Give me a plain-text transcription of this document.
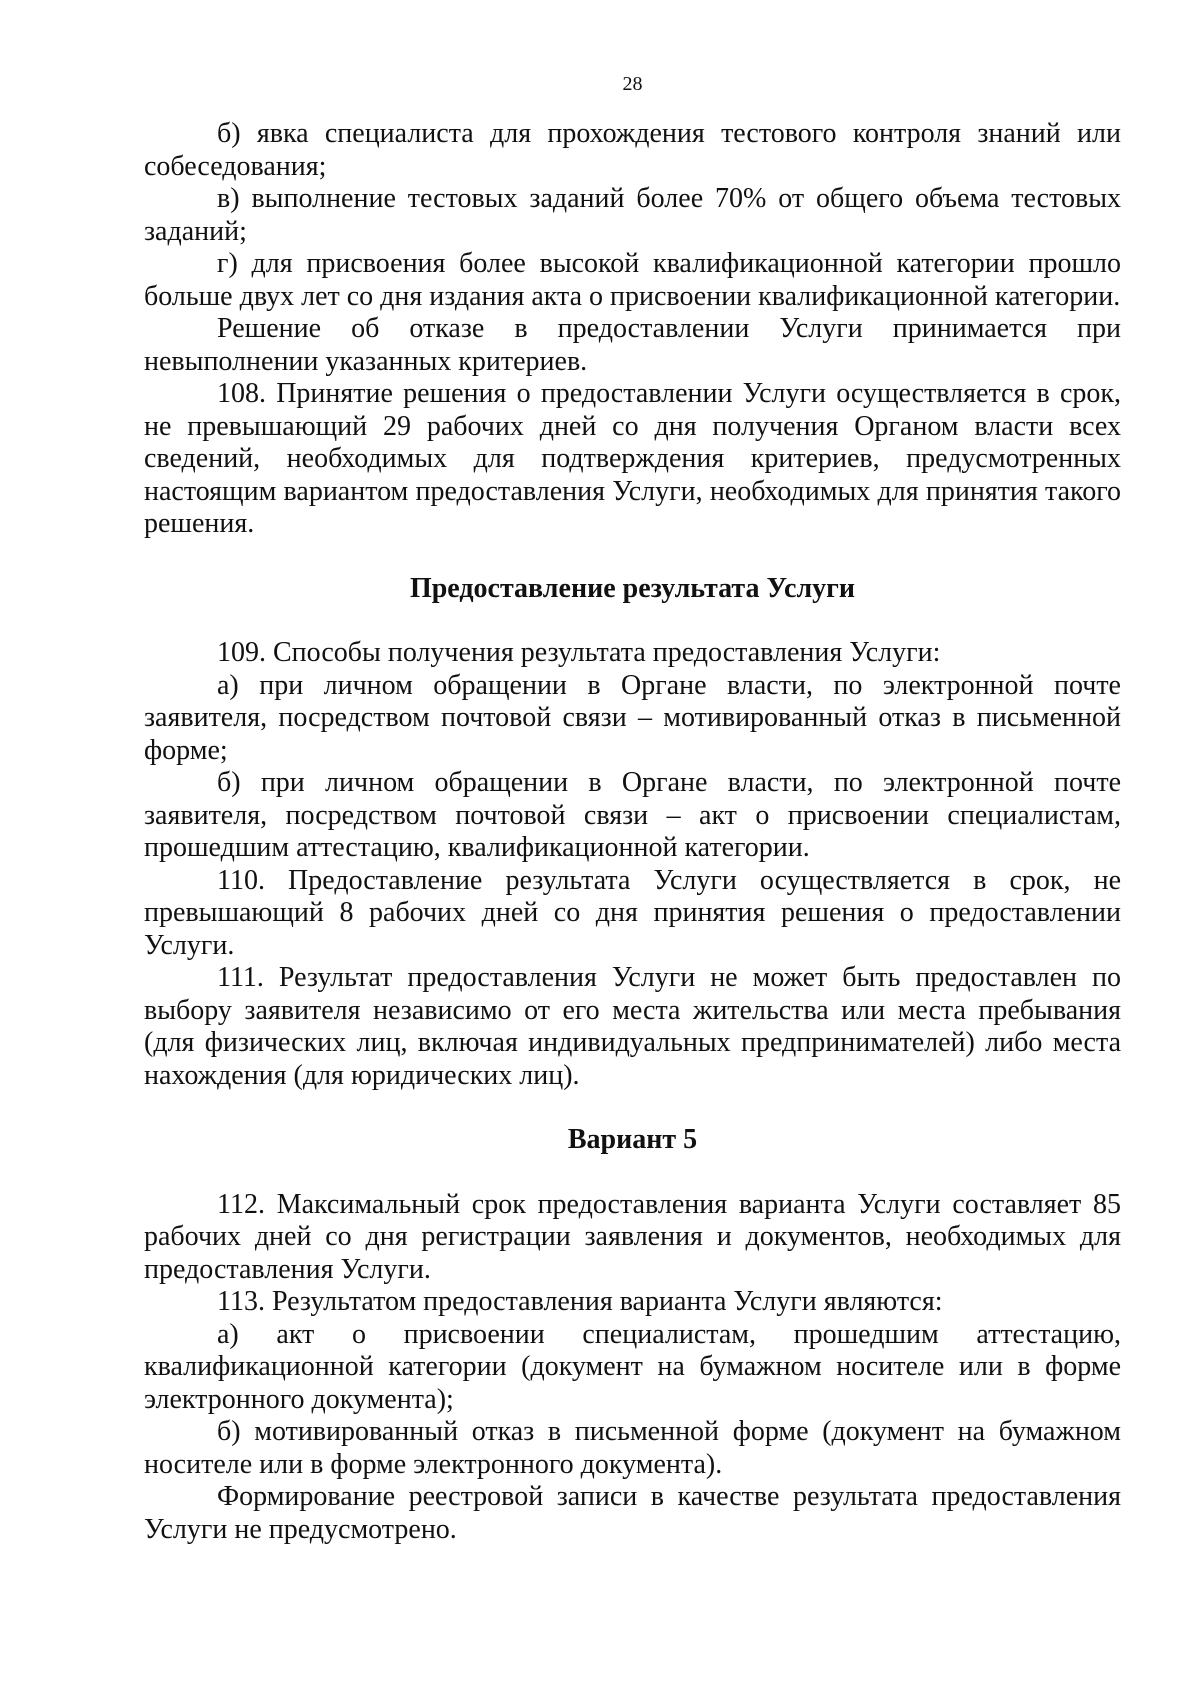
28

б) явка специалиста для прохождения тестового контроля знаний или собеседования;

в) выполнение тестовых заданий более 70% от общего объема тестовых заданий;

г) для присвоения более высокой квалификационной категории прошло больше двух лет со дня издания акта о присвоении квалификационной категории.

Решение об отказе в предоставлении Услуги принимается при невыполнении указанных критериев.

108. Принятие решения о предоставлении Услуги осуществляется в срок, не превышающий 29 рабочих дней со дня получения Органом власти всех сведений, необходимых для подтверждения критериев, предусмотренных настоящим вариантом предоставления Услуги, необходимых для принятия такого решения.

Предоставление результата Услуги

109. Способы получения результата предоставления Услуги:

а) при личном обращении в Органе власти, по электронной почте заявителя, посредством почтовой связи – мотивированный отказ в письменной форме;

б) при личном обращении в Органе власти, по электронной почте заявителя, посредством почтовой связи – акт о присвоении специалистам, прошедшим аттестацию, квалификационной категории.

110. Предоставление результата Услуги осуществляется в срок, не превышающий 8 рабочих дней со дня принятия решения о предоставлении Услуги.

111. Результат предоставления Услуги не может быть предоставлен по выбору заявителя независимо от его места жительства или места пребывания (для физических лиц, включая индивидуальных предпринимателей) либо места нахождения (для юридических лиц).

Вариант 5

112. Максимальный срок предоставления варианта Услуги составляет 85 рабочих дней со дня регистрации заявления и документов, необходимых для предоставления Услуги.

113. Результатом предоставления варианта Услуги являются:

а) акт о присвоении специалистам, прошедшим аттестацию, квалификационной категории (документ на бумажном носителе или в форме электронного документа);

б) мотивированный отказ в письменной форме (документ на бумажном носителе или в форме электронного документа).

Формирование реестровой записи в качестве результата предоставления Услуги не предусмотрено.
